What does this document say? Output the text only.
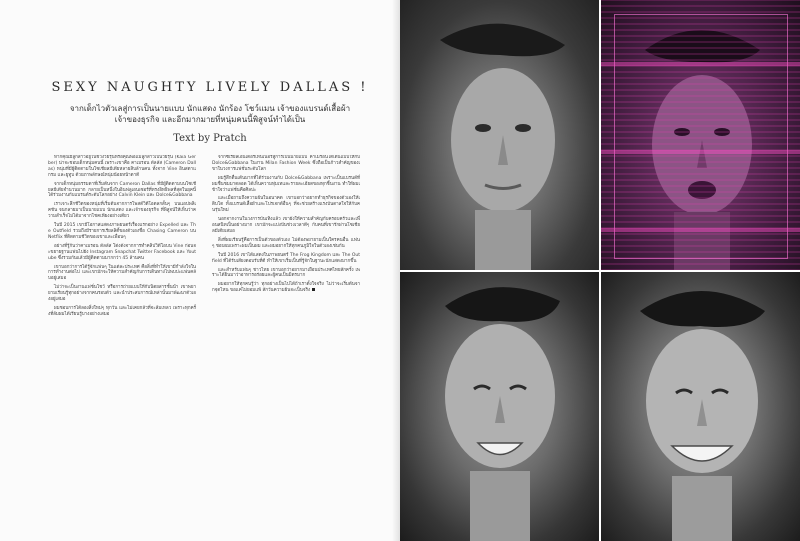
SEXY NAUGHTY LIVELY DALLAS !
จากเด็กไวตัวเลสู่การเป็นนายแบบ นักแสดง นักร้อง โชว์แมน เจ้าของแบรนด์เสื้อผ้า
เจ้าของธุรกิจ และอีกมากมายที่หนุ่มคนนี้พิสูจน์ทำได้เป็น
Text by Pratch

หากคุณมีลูกสาวอยู่ในช่วงวัยรุ่นหรือคุณพ่อแม่ลูกสาวเป็นวัยรุ่น (Kaia Gerber) น่าจะชอบเด็กหนุ่มคนนี้ เพราะเขาคือ คาเมรอน ดัลลัส (Cameron Dallas) หนุ่มที่มีผู้ติดตามในโซเชียลมีเดียหลายสิบล้านคน ทั้งจาก Vine อินสตาแกรม และยูทูบ ด้วยภาพลักษณ์หนุ่มน้อยหน้าตาดี

จากเด็กหนุ่มธรรมดาที่เริ่มต้นจาก Cameron Dallas ที่มีผู้ติดตามบนโซเชียลมีเดียจำนวนมาก กลายเป็นหนึ่งในอินฟลูเอนเซอร์ที่ทรงอิทธิพลที่สุดในยุคนี้ ได้ร่วมงานกับแบรนด์ระดับโลกอย่าง Calvin Klein และ Dolce&Gabbana

เราเจาะลึกชีวิตของหนุ่มที่เริ่มต้นจากการโพสต์วิดีโอตลกสั้นๆ บนแอปพลิเคชัน จนกลายมาเป็นนายแบบ นักแสดง และเจ้าของธุรกิจ ที่พิสูจน์ให้เห็นว่าความสำเร็จไม่ได้มาจากโชคเพียงอย่างเดียว

ในปี 2015 เขามีโอกาสแสดงภาพยนตร์เรื่องแรกอย่าง Expelled และ The Outfield รวมถึงมีรายการเรียลลิตี้ของตัวเองชื่อ Chasing Cameron บน Netflix ที่ติดตามชีวิตของเขาและเพื่อนๆ

อย่างที่รู้กันว่าคาเมรอน ดัลลัส โด่งดังจากการทำคลิปวิดีโอบน Vine ก่อนจะขยายฐานแฟนไปยัง Instagram Snapchat Twitter Facebook และ Youtube ซึ่งรวมกันแล้วมีผู้ติดตามมากกว่า 45 ล้านคน

เขาบอกว่าการได้รู้จักแฟนๆ ในแต่ละประเทศ คือสิ่งที่ทำให้เขามีกำลังใจในการทำงานต่อไป และเขามักจะให้ความสำคัญกับการเดินทางไปพบปะแฟนคลับอยู่เสมอ

ไม่ว่าจะเป็นงานแฟชั่นโชว์ หรือการถ่ายแบบให้กับนิตยสารชั้นนำ เขาพยายามเรียนรู้ทุกอย่างจากคนรอบตัว และนำประสบการณ์เหล่านั้นมาพัฒนาตัวเองอยู่เสมอ

ผมชอบการได้ลองสิ่งใหม่ๆ ทุกวัน และไม่เคยกลัวที่จะล้มเหลว เพราะทุกครั้งที่ล้มผมได้เรียนรู้บางอย่างเสมอ

จากซีเรียลเอ็นเตอร์เทนเนอร์สู่การเป็นนายแบบ คาเมรอนได้เดินแบบให้กับ Dolce&Gabbana ในงาน Milan Fashion Week ซึ่งถือเป็นก้าวสำคัญของเขาในวงการแฟชั่นระดับโลก

ผมรู้สึกตื่นเต้นมากที่ได้ร่วมงานกับ Dolce&Gabbana เพราะเป็นแบรนด์ที่ผมชื่นชมมาตลอด ได้เห็นความทุ่มเทและรายละเอียดของทุกชิ้นงาน ทำให้ผมเข้าใจว่าแฟชั่นคือศิลปะ

และเมื่อถามถึงความฝันในอนาคต เขาบอกว่าอยากทำธุรกิจของตัวเองให้เติบโต ทั้งแบรนด์เสื้อผ้าและโปรเจกต์อื่นๆ ที่จะช่วยสร้างแรงบันดาลใจให้กับคนรุ่นใหม่

นอกจากงานในวงการบันเทิงแล้ว เขายังให้ความสำคัญกับครอบครัวและเพื่อนสนิทเป็นอย่างมาก เขามักจะแบ่งปันช่วงเวลาดีๆ กับคนที่เขารักผ่านโซเชียลมีเดียเสมอ

สิ่งที่ผมเรียนรู้คือการเป็นตัวของตัวเอง ไม่ต้องพยายามเป็นใครคนอื่น แฟนๆ ชอบผมเพราะผมเป็นผม และผมอยากให้ทุกคนภูมิใจในตัวเองเช่นกัน

ในปี 2016 เขาได้แสดงในภาพยนตร์ The Frog Kingdom และ The Outfield ที่ได้รับเสียงตอบรับที่ดี ทำให้เขาเริ่มเป็นที่รู้จักในฐานะนักแสดงมากขึ้น

และสำหรับแฟนๆ ชาวไทย เขาบอกว่าอยากมาเยือนประเทศไทยสักครั้ง เพราะได้ยินมาว่าอาหารอร่อยและผู้คนเป็นมิตรมาก

ผมอยากให้ทุกคนรู้ว่า ทุกอย่างเป็นไปได้ถ้าเราตั้งใจจริง ไม่ว่าจะเริ่มต้นจากจุดไหน ขอแค่ไม่ยอมแพ้ สักวันความฝันจะเป็นจริง
